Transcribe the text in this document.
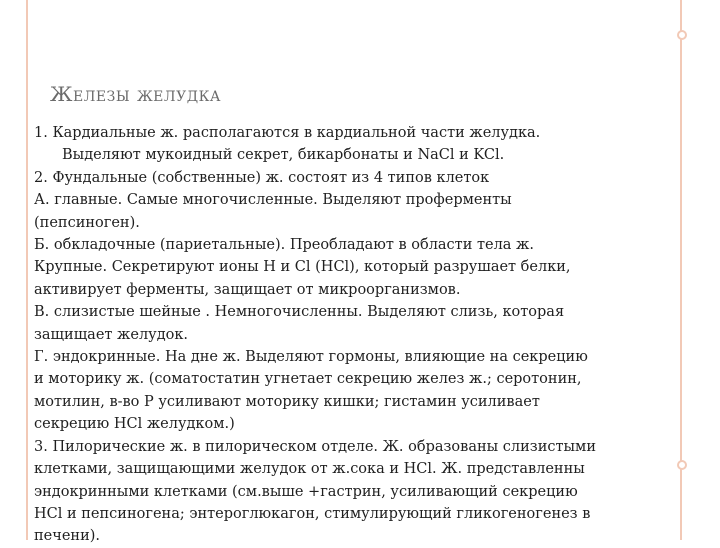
Железы желудка
1. Кардиальные ж. располагаются в кардиальной части желудка.
Выделяют мукоидный секрет, бикарбонаты и NaCl и KCl.
2. Фундальные (собственные) ж. состоят из 4 типов клеток
А. главные. Самые многочисленные. Выделяют проферменты
(пепсиноген).
Б. обкладочные (париетальные). Преобладают в области тела ж.
Крупные. Секретируют ионы H и Cl (HCl), который разрушает белки,
активирует ферменты, защищает от микроорганизмов.
В. слизистые шейные . Немногочисленны. Выделяют слизь, которая
защищает желудок.
Г. эндокринные. На дне ж. Выделяют гормоны, влияющие на секрецию
и моторику ж. (соматостатин угнетает секрецию желез ж.; серотонин,
мотилин, в-во Р усиливают моторику кишки; гистамин усиливает
секрецию HCl желудком.)
3. Пилорические ж. в пилорическом отделе. Ж. образованы слизистыми
клетками, защищающими желудок от ж.сока и HCl. Ж. представленны
эндокринными клетками (см.выше +гастрин, усиливающий секрецию
HCl и пепсиногена; энтероглюкагон, стимулирующий гликогеногенез в
печени).
